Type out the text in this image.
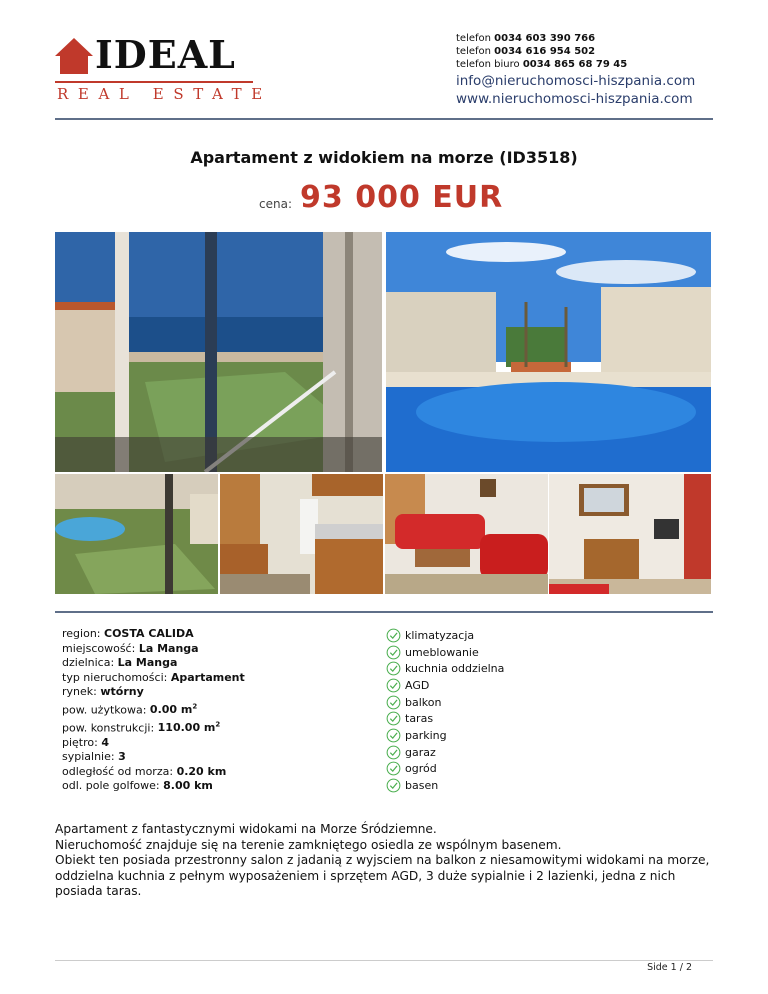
IDEAL
REAL ESTATE
telefon 0034 603 390 766
telefon 0034 616 954 502
telefon biuro 0034 865 68 79 45
info@nieruchomosci-hiszpania.com
www.nieruchomosci-hiszpania.com
Apartament z widokiem na morze (ID3518)
cena: 93 000 EUR
region: COSTA CALIDA
miejscowość: La Manga
dzielnica: La Manga
typ nieruchomości: Apartament
rynek: wtórny
pow. użytkowa: 0.00 $m^2$
pow. konstrukcji: 110.00 $m^2$
piętro: 4
sypialnie: 3
odległość od morza: 0.20 km
odl. pole golfowe: 8.00 km
klimatyzacja
umeblowanie
kuchnia oddzielna
AGD
balkon
taras
parking
garaz
ogród
basen
Apartament z fantastycznymi widokami na Morze Śródziemne.
Nieruchomość znajduje się na terenie zamkniętego osiedla ze wspólnym basenem.
Obiekt ten posiada przestronny salon z jadanią z wyjsciem na balkon z niesamowitymi widokami na morze, oddzielna kuchnia z pełnym wyposażeniem i sprzętem AGD, 3 duże sypialnie i 2 lazienki, jedna z nich posiada taras.
Side 1 / 2
